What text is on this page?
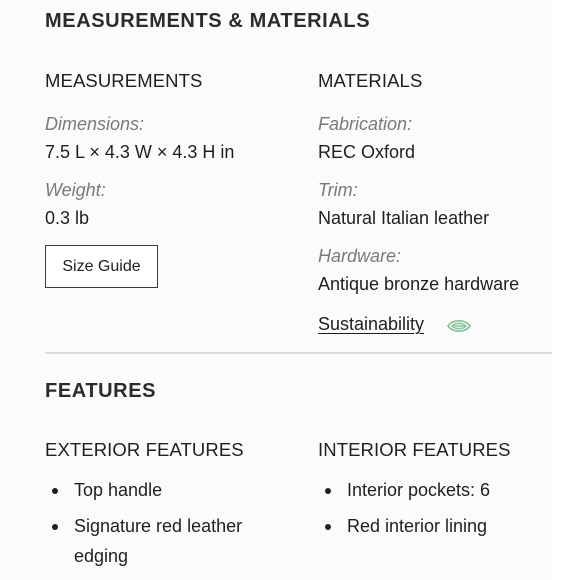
MEASUREMENTS & MATERIALS
MEASUREMENTS
Dimensions:
7.5 L × 4.3 W × 4.3 H in
Weight:
0.3 lb
Size Guide
MATERIALS
Fabrication:
REC Oxford
Trim:
Natural Italian leather
Hardware:
Antique bronze hardware
Sustainability
FEATURES
EXTERIOR FEATURES
Top handle
Signature red leather edging
INTERIOR FEATURES
Interior pockets: 6
Red interior lining
